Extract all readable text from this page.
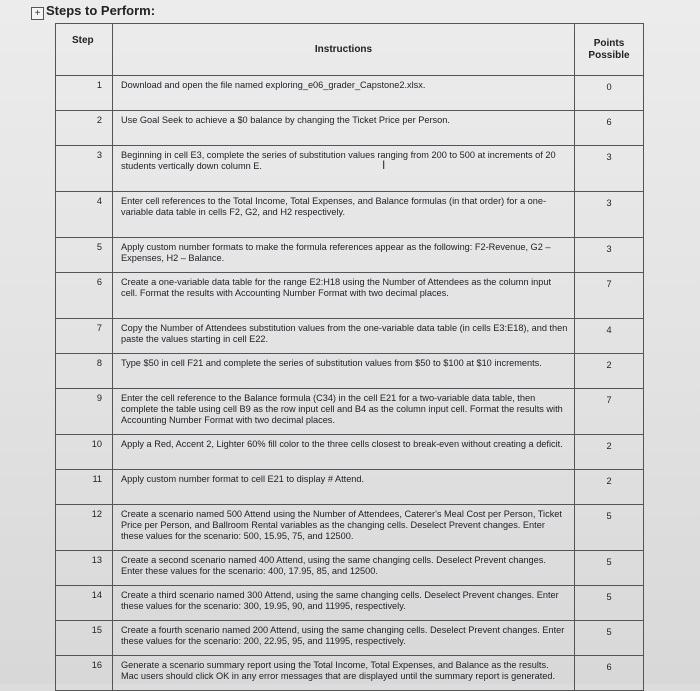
+ Steps to Perform:
Step	Instructions	Points Possible
1	Download and open the file named exploring_e06_grader_Capstone2.xlsx.	0
2	Use Goal Seek to achieve a $0 balance by changing the Ticket Price per Person.	6
3	Beginning in cell E3, complete the series of substitution values ranging from 200 to 500 at increments of 20 students vertically down column E. I	3
4	Enter cell references to the Total Income, Total Expenses, and Balance formulas (in that order) for a one-variable data table in cells F2, G2, and H2 respectively.	3
5	Apply custom number formats to make the formula references appear as the following: F2-Revenue, G2 – Expenses, H2 – Balance.	3
6	Create a one-variable data table for the range E2:H18 using the Number of Attendees as the column input cell. Format the results with Accounting Number Format with two decimal places.	7
7	Copy the Number of Attendees substitution values from the one-variable data table (in cells E3:E18), and then paste the values starting in cell E22.	4
8	Type $50 in cell F21 and complete the series of substitution values from $50 to $100 at $10 increments.	2
9	Enter the cell reference to the Balance formula (C34) in the cell E21 for a two-variable data table, then complete the table using cell B9 as the row input cell and B4 as the column input cell. Format the results with Accounting Number Format with two decimal places.	7
10	Apply a Red, Accent 2, Lighter 60% fill color to the three cells closest to break-even without creating a deficit.	2
11	Apply custom number format to cell E21 to display # Attend.	2
12	Create a scenario named 500 Attend using the Number of Attendees, Caterer's Meal Cost per Person, Ticket Price per Person, and Ballroom Rental variables as the changing cells. Deselect Prevent changes. Enter these values for the scenario: 500, 15.95, 75, and 12500.	5
13	Create a second scenario named 400 Attend, using the same changing cells. Deselect Prevent changes. Enter these values for the scenario: 400, 17.95, 85, and 12500.	5
14	Create a third scenario named 300 Attend, using the same changing cells. Deselect Prevent changes. Enter these values for the scenario: 300, 19.95, 90, and 11995, respectively.	5
15	Create a fourth scenario named 200 Attend, using the same changing cells. Deselect Prevent changes. Enter these values for the scenario: 200, 22.95, 95, and 11995, respectively.	5
16	Generate a scenario summary report using the Total Income, Total Expenses, and Balance as the results. Mac users should click OK in any error messages that are displayed until the summary report is generated.	6
